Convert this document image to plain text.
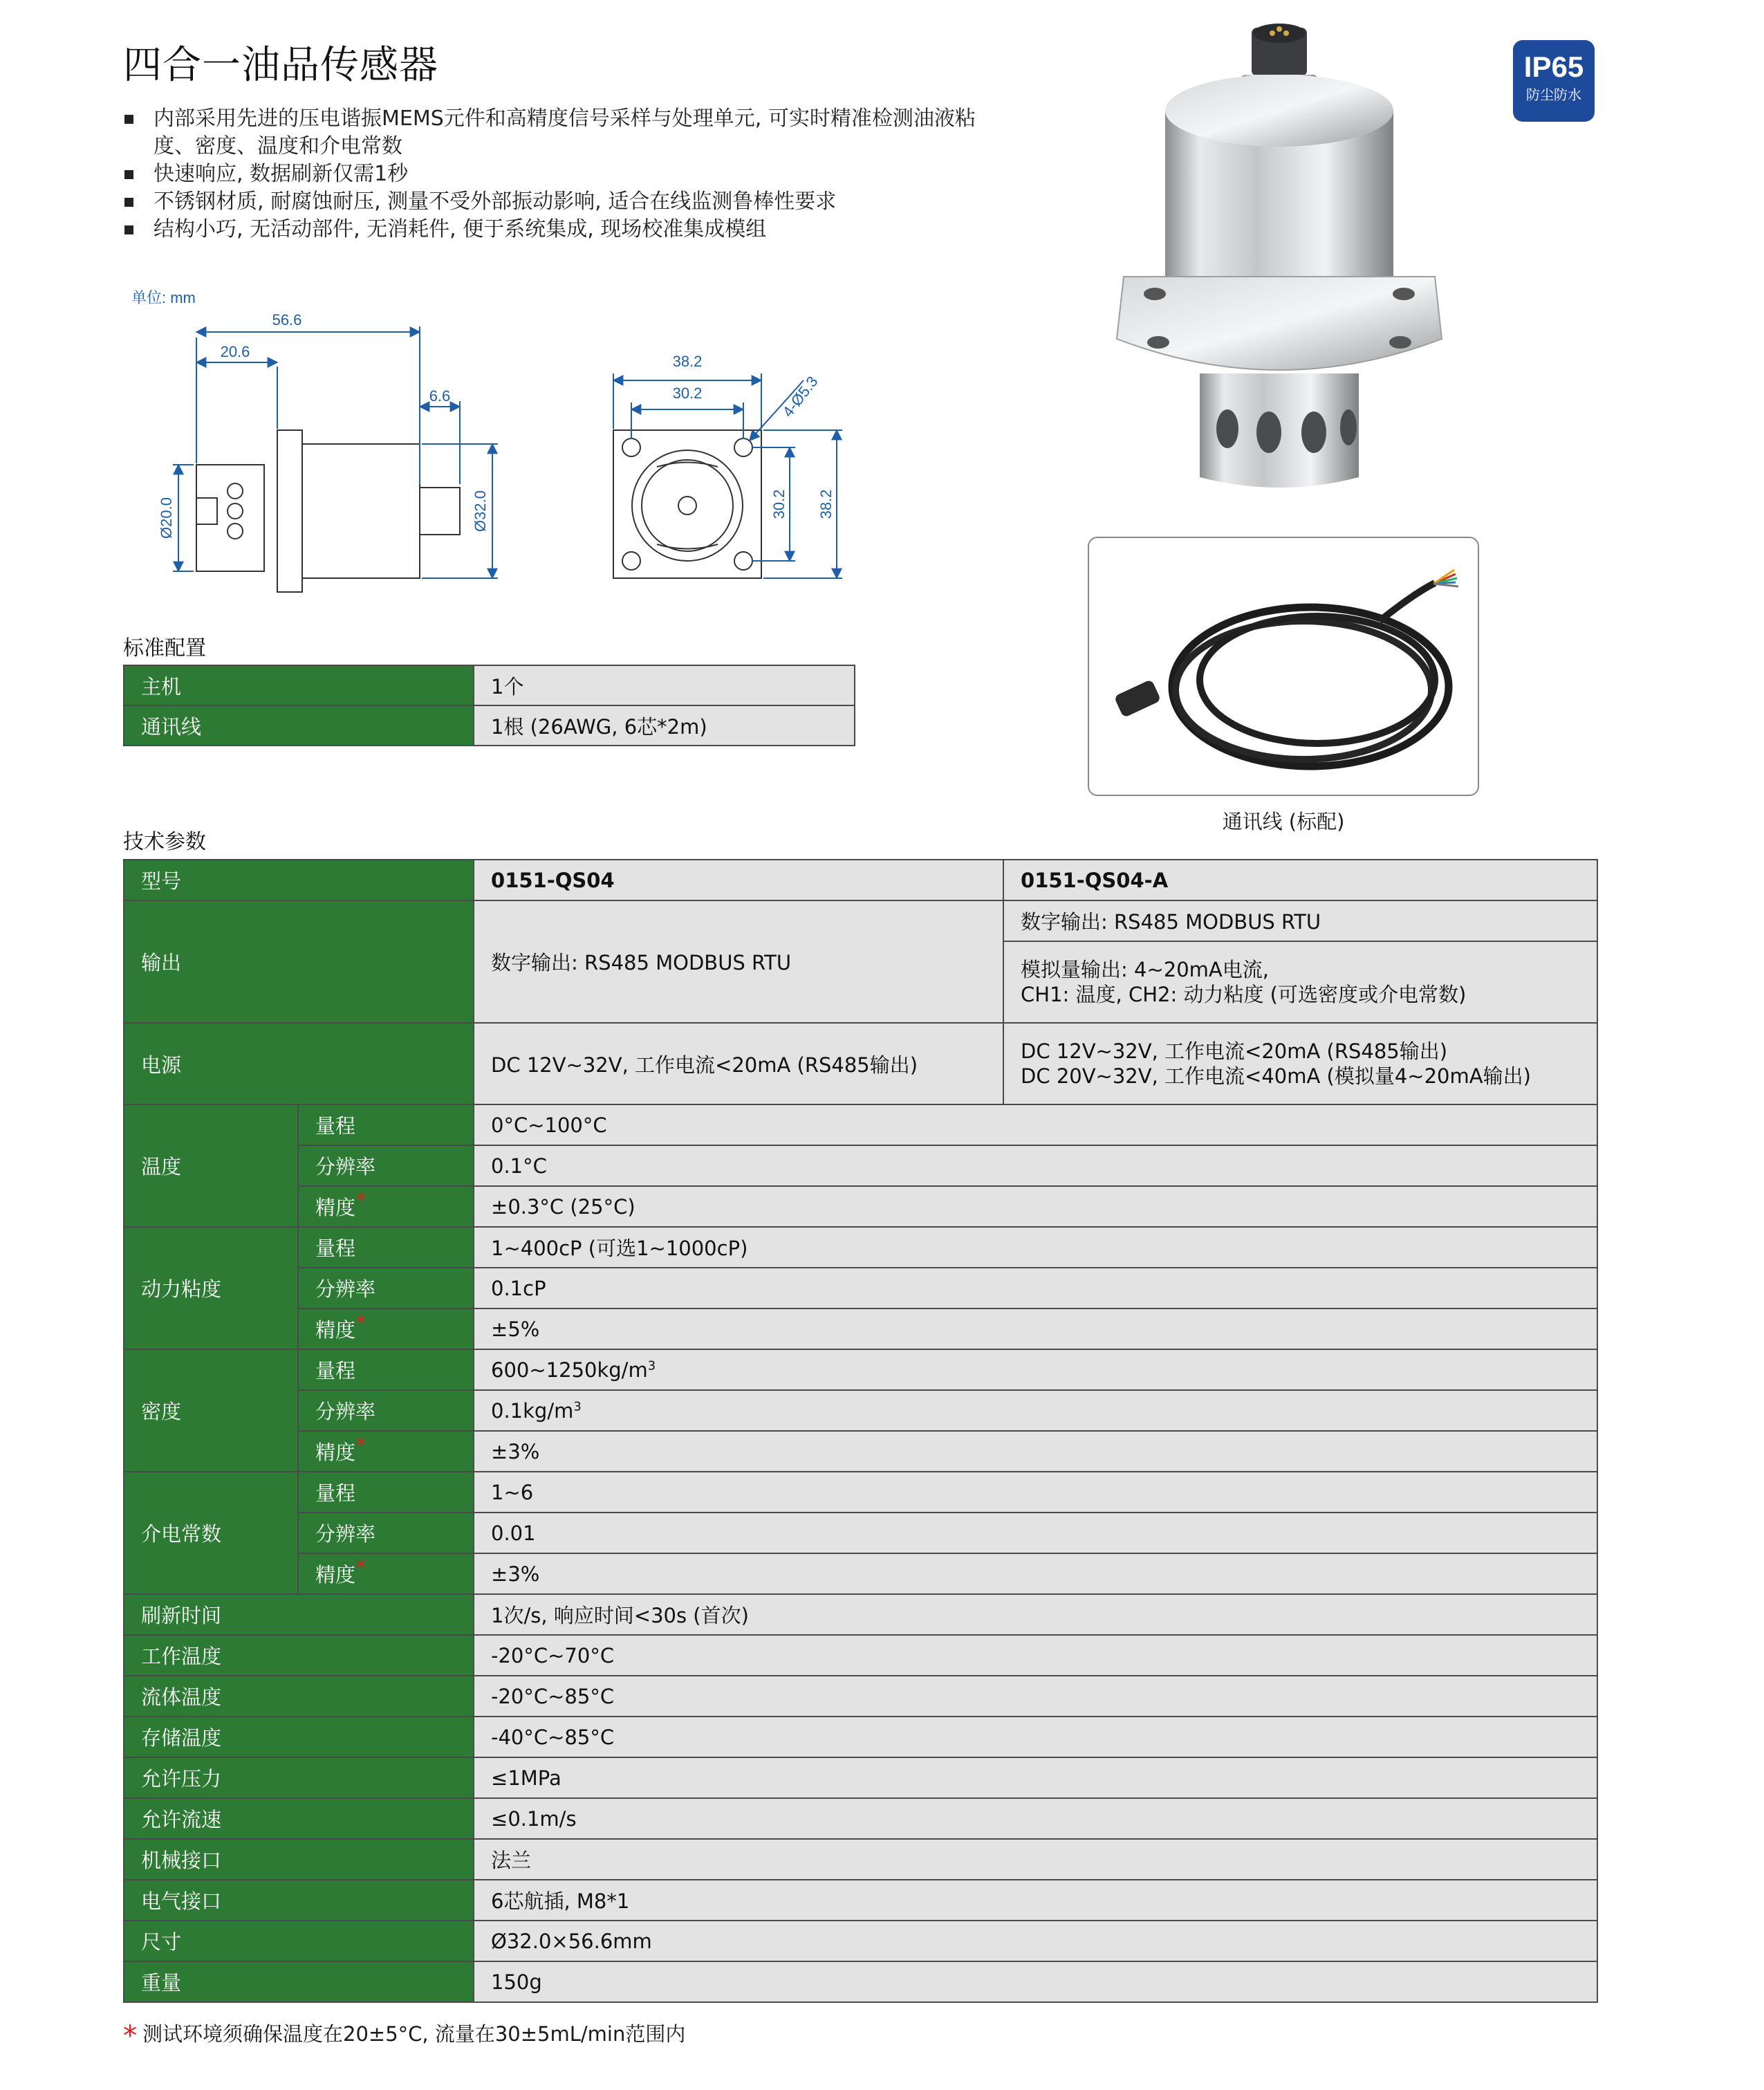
四合一油品传感器
内部采用先进的压电谐振MEMS元件和高精度信号采样与处理单元, 可实时精准检测油液粘度、密度、温度和介电常数
快速响应, 数据刷新仅需1秒
不锈钢材质, 耐腐蚀耐压, 测量不受外部振动影响, 适合在线监测鲁棒性要求
结构小巧, 无活动部件, 无消耗件, 便于系统集成, 现场校准集成模组
IP65
防尘防水
通讯线 (标配)
单位: mm
56.6
20.6
6.6
Ø20.0	Ø32.0
38.2
30.2	4-Ø5.3
30.2 38.2
标准配置
主机	1个
通讯线	1根 (26AWG, 6芯*2m)
技术参数
型号		0151-QS04	0151-QS04-A
输出		数字输出: RS485 MODBUS RTU	数字输出: RS485 MODBUS RTU

			模拟量输出: 4~20mA电流,
CH1: 温度, CH2: 动力粘度 (可选密度或介电常数)

电源		DC 12V~32V, 工作电流<20mA (RS485输出)	DC 12V~32V, 工作电流<20mA (RS485输出)
DC 20V~32V, 工作电流<40mA (模拟量4~20mA输出)

温度	量程	0°C~100°C	
	分辨率	0.1°C	
	精度*	±0.3°C (25°C)	
动力粘度	量程	1~400cP (可选1~1000cP)	
	分辨率	0.1cP	
	精度*	±5%	
密度	量程	$600\sim 1250kg/m^3$
	分辨率	$0.1kg/m^3$
	精度*	±3%	
介电常数	量程	1~6	
	分辨率	0.01	
	精度*	±3%	
刷新时间		1次/s, 响应时间<30s (首次)	
工作温度		-20°C~70°C	
流体温度		-20°C~85°C	
存储温度		-40°C~85°C	
允许压力		≤1MPa	
允许流速		≤0.1m/s	
机械接口		法兰	
电气接口		6芯航插, M8*1	
尺寸		Ø32.0×56.6mm	
重量		150g	
* 测试环境须确保温度在20±5°C, 流量在30±5mL/min范围内
